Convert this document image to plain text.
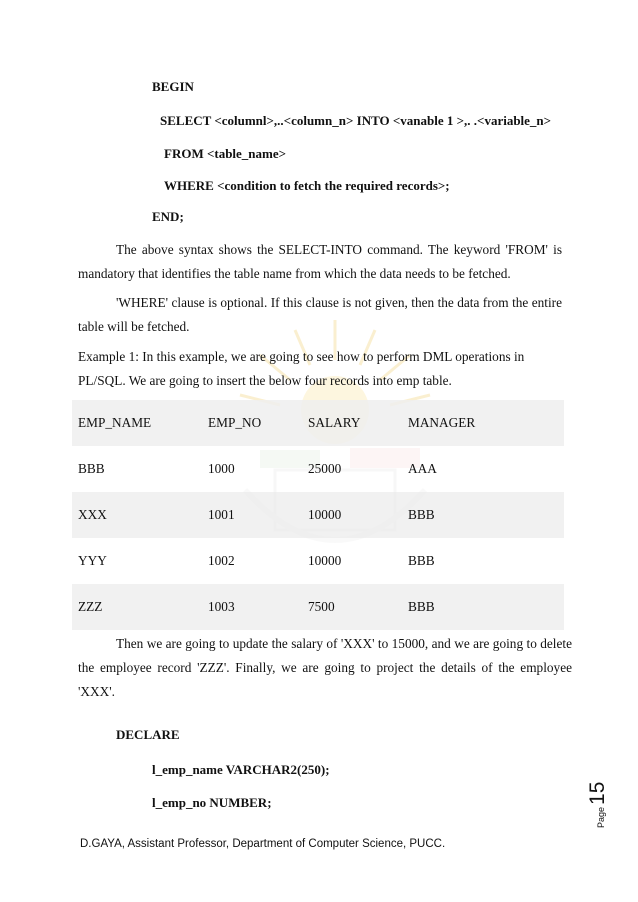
BEGIN
SELECT <columnl>,..<column_n> INTO <vanable 1 >,. .<variable_n>
FROM <table_name>
WHERE <condition to fetch the required records>;
END;
The above syntax shows the SELECT-INTO command. The keyword 'FROM' is mandatory that identifies the table name from which the data needs to be fetched.
'WHERE' clause is optional. If this clause is not given, then the data from the entire table will be fetched.
Example 1: In this example, we are going to see how to perform DML operations in PL/SQL. We are going to insert the below four records into emp table.
EMP_NAME	EMP_NO	SALARY	MANAGER
BBB	1000	25000	AAA
XXX	1001	10000	BBB
YYY	1002	10000	BBB
ZZZ	1003	7500	BBB
Then we are going to update the salary of 'XXX' to 15000, and we are going to delete the employee record 'ZZZ'. Finally, we are going to project the details of the employee 'XXX'.
DECLARE
l_emp_name VARCHAR2(250);
l_emp_no NUMBER;
Page15
D.GAYA, Assistant Professor, Department of Computer Science, PUCC.
